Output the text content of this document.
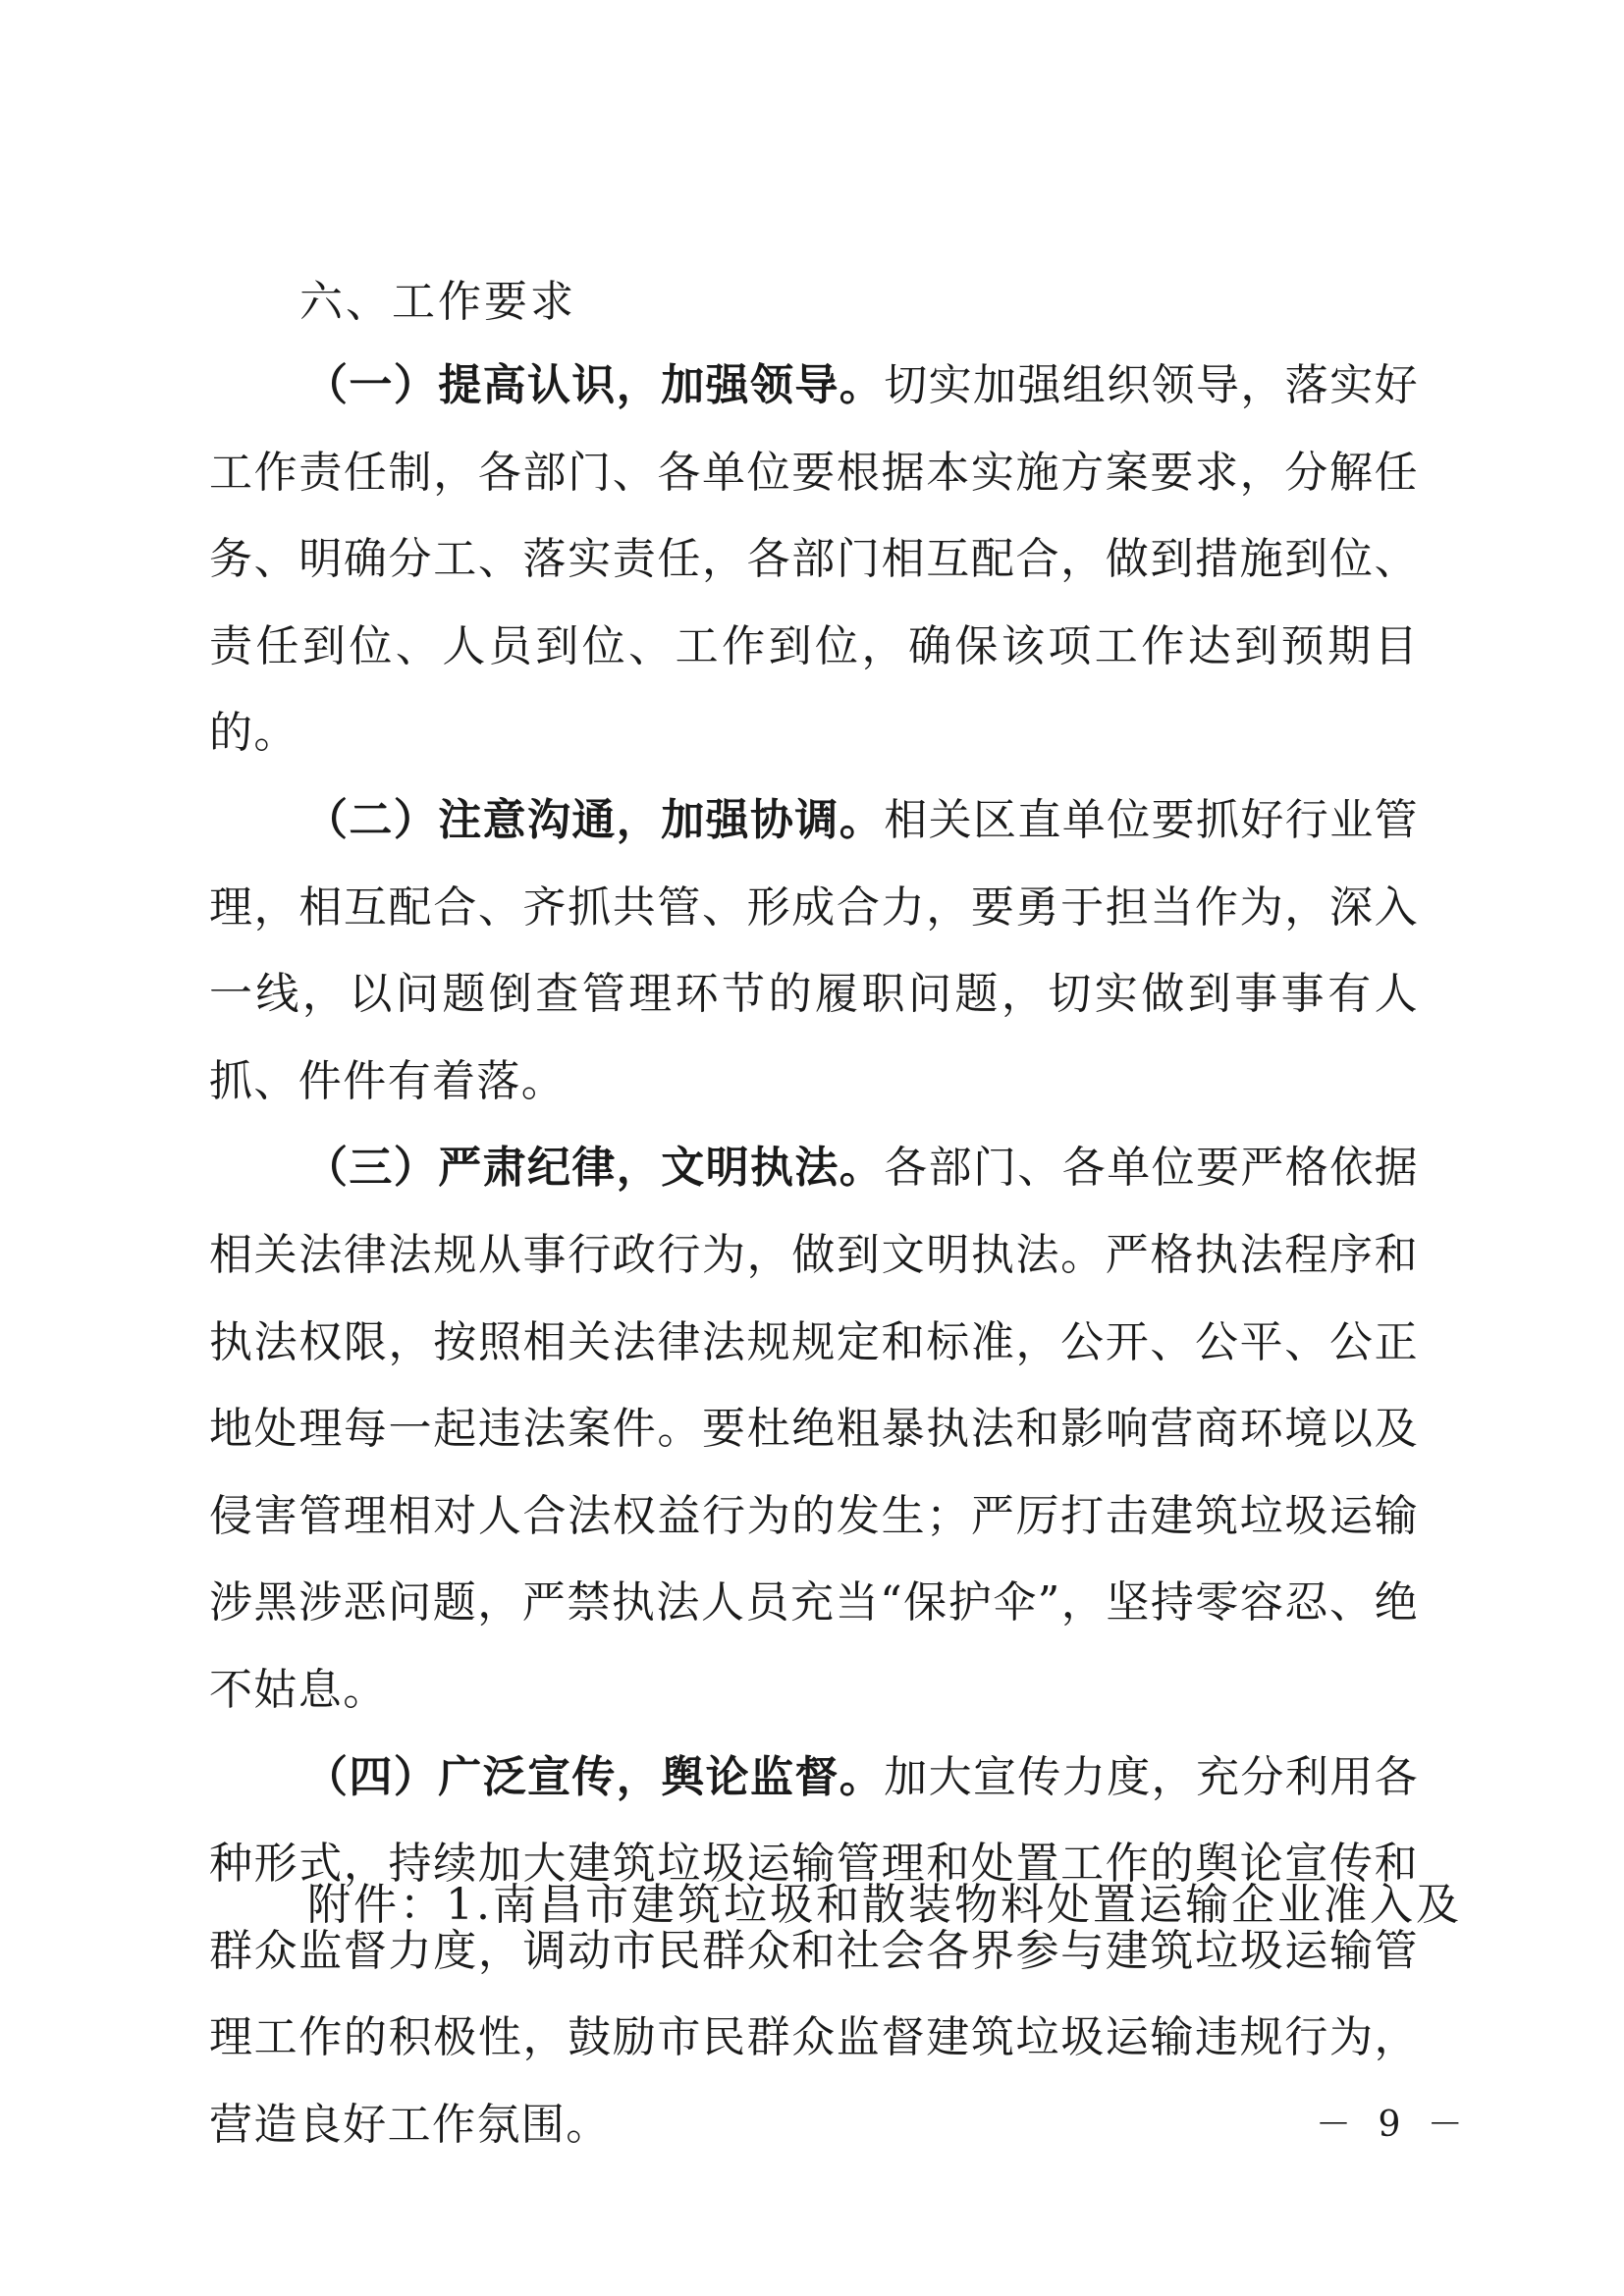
六、工作要求

（一）提高认识，加强领导。切实加强组织领导，落实好工作责任制，各部门、各单位要根据本实施方案要求，分解任务、明确分工、落实责任，各部门相互配合，做到措施到位、责任到位、人员到位、工作到位，确保该项工作达到预期目的。

（二）注意沟通，加强协调。相关区直单位要抓好行业管理，相互配合、齐抓共管、形成合力，要勇于担当作为，深入一线，以问题倒查管理环节的履职问题，切实做到事事有人抓、件件有着落。

（三）严肃纪律，文明执法。各部门、各单位要严格依据相关法律法规从事行政行为，做到文明执法。严格执法程序和执法权限，按照相关法律法规规定和标准，公开、公平、公正地处理每一起违法案件。要杜绝粗暴执法和影响营商环境以及侵害管理相对人合法权益行为的发生；严厉打击建筑垃圾运输涉黑涉恶问题，严禁执法人员充当“保护伞”，坚持零容忍、绝不姑息。

（四）广泛宣传，舆论监督。加大宣传力度，充分利用各种形式，持续加大建筑垃圾运输管理和处置工作的舆论宣传和群众监督力度，调动市民群众和社会各界参与建筑垃圾运输管理工作的积极性，鼓励市民群众监督建筑垃圾运输违规行为，营造良好工作氛围。

附件：1.南昌市建筑垃圾和散装物料处置运输企业准入及
－ 9 －
